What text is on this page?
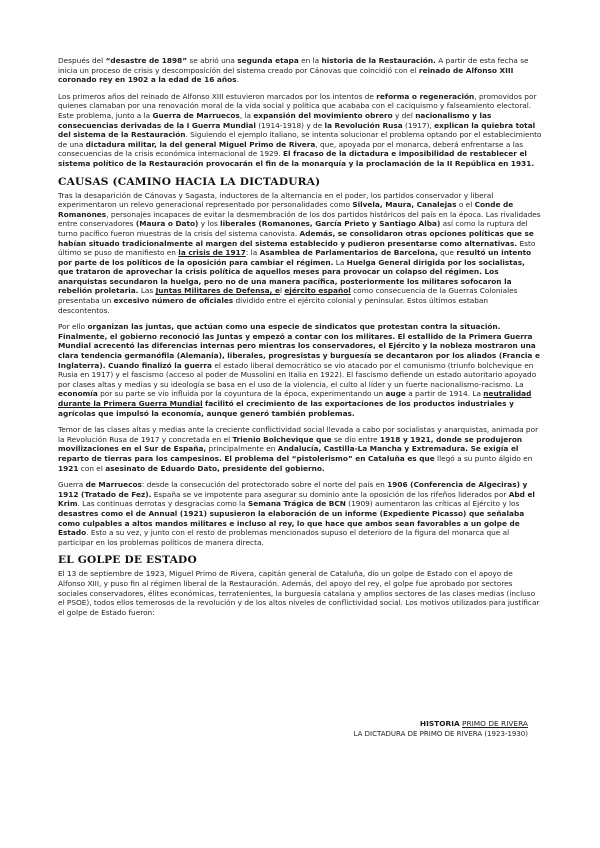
Después del “desastre de 1898” se abrió una segunda etapa en la historia de la Restauración. A partir de esta fecha se inicia un proceso de crisis y descomposición del sistema creado por Cánovas que coincidió con el reinado de Alfonso XIII coronado rey en 1902 a la edad de 16 años.

Los primeros años del reinado de Alfonso XIII estuvieron marcados por los intentos de reforma o regeneración, promovidos por quienes clamaban por una renovación moral de la vida social y política que acababa con el caciquismo y falseamiento electoral. Este problema, junto a la Guerra de Marruecos, la expansión del movimiento obrero y del nacionalismo y las consecuencias derivadas de la I Guerra Mundial (1914-1918) y de la Revolución Rusa (1917), explican la quiebra total del sistema de la Restauración. Siguiendo el ejemplo italiano, se intenta solucionar el problema optando por el establecimiento de una dictadura militar, la del general Miguel Primo de Rivera, que, apoyada por el monarca, deberá enfrentarse a las consecuencias de la crisis económica internacional de 1929. El fracaso de la dictadura e imposibilidad de restablecer el sistema político de la Restauración provocarán el fin de la monarquía y la proclamación de la II República en 1931.

CAUSAS (CAMINO HACIA LA DICTADURA)

Tras la desaparición de Cánovas y Sagasta, inductores de la alternancia en el poder, los partidos conservador y liberal experimentaron un relevo generacional representado por personalidades como Silvela, Maura, Canalejas o el Conde de Romanones, personajes incapaces de evitar la desmembración de los dos partidos históricos del país en la época. Las rivalidades entre conservadores (Maura o Dato) y los liberales (Romanones, García Prieto y Santiago Alba) así como la ruptura del turno pacífico fueron muestras de la crisis del sistema canovista. Además, se consolidaron otras opciones políticas que se habían situado tradicionalmente al margen del sistema establecido y pudieron presentarse como alternativas. Esto último se puso de manifiesto en la crisis de 1917: la Asamblea de Parlamentarios de Barcelona, que resultó un intento por parte de los políticos de la oposición para cambiar el régimen. La Huelga General dirigida por los socialistas, que trataron de aprovechar la crisis política de aquellos meses para provocar un colapso del régimen. Los anarquistas secundaron la huelga, pero no de una manera pacífica, posteriormente los militares sofocaron la rebelión proletaria. Las Juntas Militares de Defensa, el ejército español como consecuencia de la Guerras Coloniales presentaba un excesivo número de oficiales dividido entre el ejército colonial y peninsular. Estos últimos estaban descontentos.

Por ello organizan las juntas, que actúan como una especie de sindicatos que protestan contra la situación. Finalmente, el gobierno reconoció las Juntas y empezó a contar con los militares. El estallido de la Primera Guerra Mundial acrecentó las diferencias internas pero mientras los conservadores, el Ejército y la nobleza mostraron una clara tendencia germanófila (Alemania), liberales, progresistas y burguesía se decantaron por los aliados (Francia e Inglaterra). Cuando finalizó la guerra el estado liberal democrático se vio atacado por el comunismo (triunfo bolchevique en Rusia en 1917) y el fascismo (acceso al poder de Mussolini en Italia en 1922). El fascismo defiende un estado autoritario apoyado por clases altas y medias y su ideología se basa en el uso de la violencia, el culto al líder y un fuerte nacionalismo-racismo. La economía por su parte se vio influida por la coyuntura de la época, experimentando un auge a partir de 1914. La neutralidad durante la Primera Guerra Mundial facilitó el crecimiento de las exportaciones de los productos industriales y agrícolas que impulsó la economía, aunque generó también problemas.

Temor de las clases altas y medias ante la creciente conflictividad social llevada a cabo por socialistas y anarquistas, animada por la Revolución Rusa de 1917 y concretada en el Trienio Bolchevique que se dio entre 1918 y 1921, donde se produjeron movilizaciones en el Sur de España, principalmente en Andalucía, Castilla-La Mancha y Extremadura. Se exigía el reparto de tierras para los campesinos. El problema del “pistolerismo” en Cataluña es que llegó a su punto álgido en 1921 con el asesinato de Eduardo Dato, presidente del gobierno.

Guerra de Marruecos: desde la consecución del protectorado sobre el norte del país en 1906 (Conferencia de Algeciras) y 1912 (Tratado de Fez). España se ve impotente para asegurar su dominio ante la oposición de los rifeños liderados por Abd el Krim. Las continuas derrotas y desgracias como la Semana Trágica de BCN (1909) aumentaron las críticas al Ejército y los desastres como el de Annual (1921) supusieron la elaboración de un informe (Expediente Picasso) que señalaba como culpables a altos mandos militares e incluso al rey, lo que hace que ambos sean favorables a un golpe de Estado. Esto a su vez, y junto con el resto de problemas mencionados supuso el deterioro de la figura del monarca que al participar en los problemas políticos de manera directa.

EL GOLPE DE ESTADO

El 13 de septiembre de 1923, Miguel Primo de Rivera, capitán general de Cataluña, dio un golpe de Estado con el apoyo de Alfonso XIII, y puso fin al régimen liberal de la Restauración. Además, del apoyo del rey, el golpe fue aprobado por sectores sociales conservadores, élites económicas, terratenientes, la burguesía catalana y amplios sectores de las clases medias (incluso el PSOE), todos ellos temerosos de la revolución y de los altos niveles de conflictividad social. Los motivos utilizados para justificar el golpe de Estado fueron:

HISTORIA PRIMO DE RIVERA
LA DICTADURA DE PRIMO DE RIVERA (1923-1930)
